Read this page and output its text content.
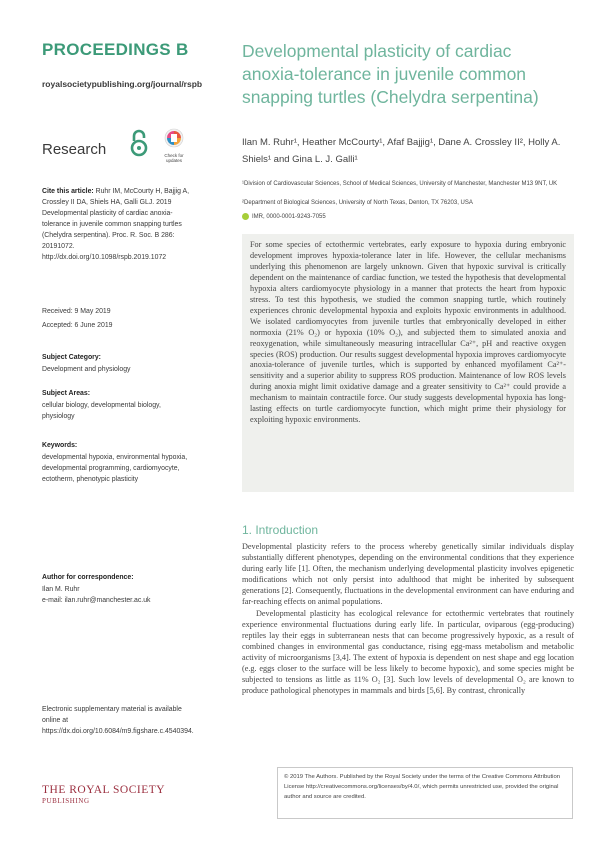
PROCEEDINGS B
royalsocietypublishing.org/journal/rspb
Research	Check for
updates
Cite this article: Ruhr IM, McCourty H, Bajjig A, Crossley II DA, Shiels HA, Galli GLJ. 2019 Developmental plasticity of cardiac anoxia-tolerance in juvenile common snapping turtles (Chelydra serpentina). Proc. R. Soc. B 286: 20191072. http://dx.doi.org/10.1098/rspb.2019.1072
Received: 9 May 2019
Accepted: 6 June 2019
Subject Category:
Development and physiology
Subject Areas:
cellular biology, developmental biology, physiology
Keywords:
developmental hypoxia, environmental hypoxia, developmental programming, cardiomyocyte, ectotherm, phenotypic plasticity
Author for correspondence:
Ilan M. Ruhr
e-mail: ilan.ruhr@manchester.ac.uk
Electronic supplementary material is available online at https://dx.doi.org/10.6084/m9.figshare.c.4540394.
THE ROYAL SOCIETY
PUBLISHING
Developmental plasticity of cardiac anoxia-tolerance in juvenile common snapping turtles (Chelydra serpentina)
Ilan M. Ruhr¹, Heather McCourty¹, Afaf Bajjig¹, Dane A. Crossley II², Holly A. Shiels¹ and Gina L. J. Galli¹
¹Division of Cardiovascular Sciences, School of Medical Sciences, University of Manchester, Manchester M13 9NT, UK
²Department of Biological Sciences, University of North Texas, Denton, TX 76203, USA
IMR, 0000-0001-9243-7055
For some species of ectothermic vertebrates, early exposure to hypoxia during embryonic development improves hypoxia-tolerance later in life. However, the cellular mechanisms underlying this phenomenon are largely unknown. Given that hypoxic survival is critically dependent on the maintenance of cardiac function, we tested the hypothesis that developmental hypoxia alters cardiomyocyte physiology in a manner that protects the heart from hypoxic stress. To test this hypothesis, we studied the common snapping turtle, which routinely experiences chronic developmental hypoxia and exploits hypoxic environments in adulthood. We isolated cardiomyocytes from juvenile turtles that embryonically developed in either normoxia (21% O₂) or hypoxia (10% O₂), and subjected them to simulated anoxia and reoxygenation, while simultaneously measuring intracellular Ca²⁺, pH and reactive oxygen species (ROS) production. Our results suggest developmental hypoxia improves cardiomyocyte anoxia-tolerance of juvenile turtles, which is supported by enhanced myofilament Ca²⁺-sensitivity and a superior ability to suppress ROS production. Maintenance of low ROS levels during anoxia might limit oxidative damage and a greater sensitivity to Ca²⁺ could provide a mechanism to maintain contractile force. Our study suggests developmental hypoxia has long-lasting effects on turtle cardiomyocyte function, which might prime their physiology for exploiting hypoxic environments.
1. Introduction

Developmental plasticity refers to the process whereby genetically similar individuals display substantially different phenotypes, depending on the environmental conditions that they experience during early life [1]. Often, the mechanism underlying developmental plasticity involves epigenetic modifications which not only persist into adulthood that might be inherited by subsequent generations [2]. Consequently, fluctuations in the developmental environment can have enduring and far-reaching effects on animal populations.

Developmental plasticity has ecological relevance for ectothermic vertebrates that routinely experience environmental fluctuations during early life. In particular, oviparous (egg-producing) reptiles lay their eggs in subterranean nests that can become progressively hypoxic, as a result of combined changes in environmental gas conductance, rising egg-mass metabolism and metabolic activity of microorganisms [3,4]. The extent of hypoxia is dependent on nest shape and egg location (e.g. eggs closer to the surface will be less likely to become hypoxic), and some species might be subjected to tensions as little as 11% O₂ [3]. Such low levels of developmental O₂ are known to produce pathological phenotypes in mammals and birds [5,6]. By contrast, chronically

© 2019 The Authors. Published by the Royal Society under the terms of the Creative Commons Attribution License http://creativecommons.org/licenses/by/4.0/, which permits unrestricted use, provided the original author and source are credited.
